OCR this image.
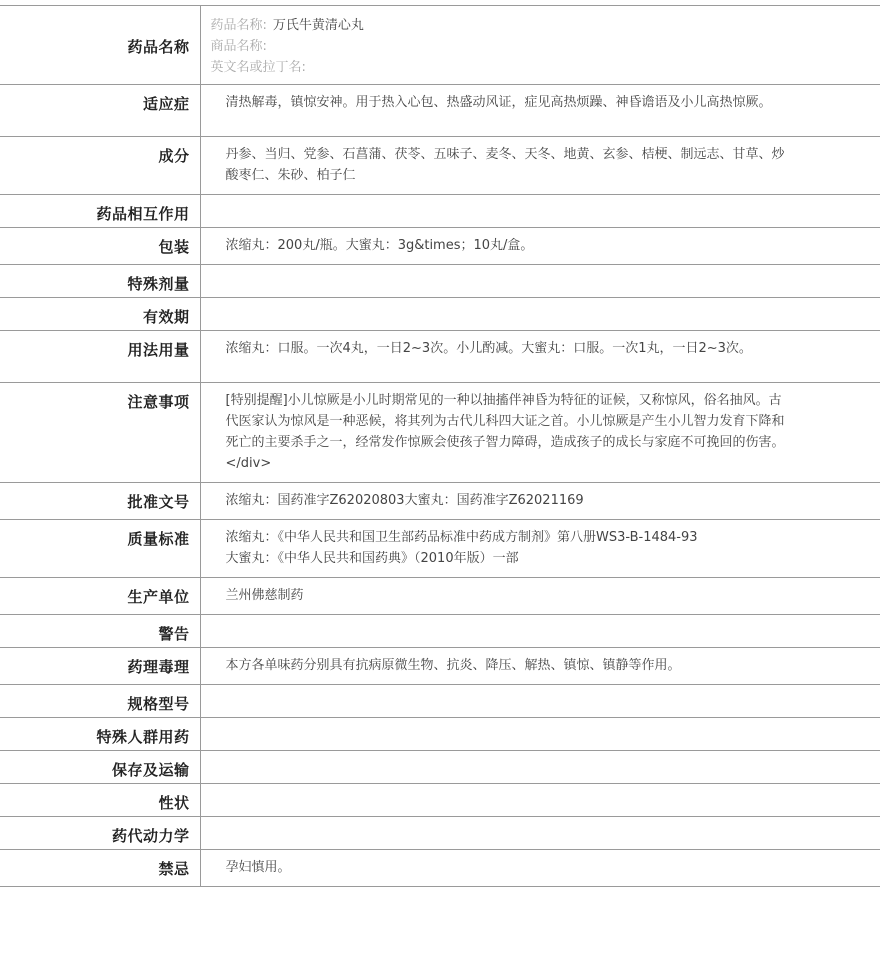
药品名称	药品名称: 万氏牛黄清心丸
商品名称:
英文名或拉丁名:

适应症	清热解毒，镇惊安神。用于热入心包、热盛动风证，症见高热烦躁、神昏谵语及小儿高热惊厥。
成分	丹参、当归、党参、石菖蒲、茯苓、五味子、麦冬、天冬、地黄、玄参、桔梗、制远志、甘草、炒酸枣仁、朱砂、柏子仁
药品相互作用	
包装	浓缩丸：200丸/瓶。大蜜丸：3g&times；10丸/盒。
特殊剂量	
有效期	
用法用量	浓缩丸：口服。一次4丸，一日2~3次。小儿酌减。大蜜丸：口服。一次1丸，一日2~3次。
注意事项	[特别提醒]小儿惊厥是小儿时期常见的一种以抽搐伴神昏为特征的证候，又称惊风，俗名抽风。古代医家认为惊风是一种恶候，将其列为古代儿科四大证之首。小儿惊厥是产生小儿智力发育下降和死亡的主要杀手之一，经常发作惊厥会使孩子智力障碍，造成孩子的成长与家庭不可挽回的伤害。</div>
批准文号	浓缩丸：国药准字Z62020803大蜜丸：国药准字Z62021169
质量标准	浓缩丸：《中华人民共和国卫生部药品标准中药成方制剂》第八册WS3-B-1484-93
大蜜丸：《中华人民共和国药典》（2010年版）一部

生产单位	兰州佛慈制药
警告	
药理毒理	本方各单味药分别具有抗病原微生物、抗炎、降压、解热、镇惊、镇静等作用。
规格型号	
特殊人群用药	
保存及运输	
性状	
药代动力学	
禁忌	孕妇慎用。
